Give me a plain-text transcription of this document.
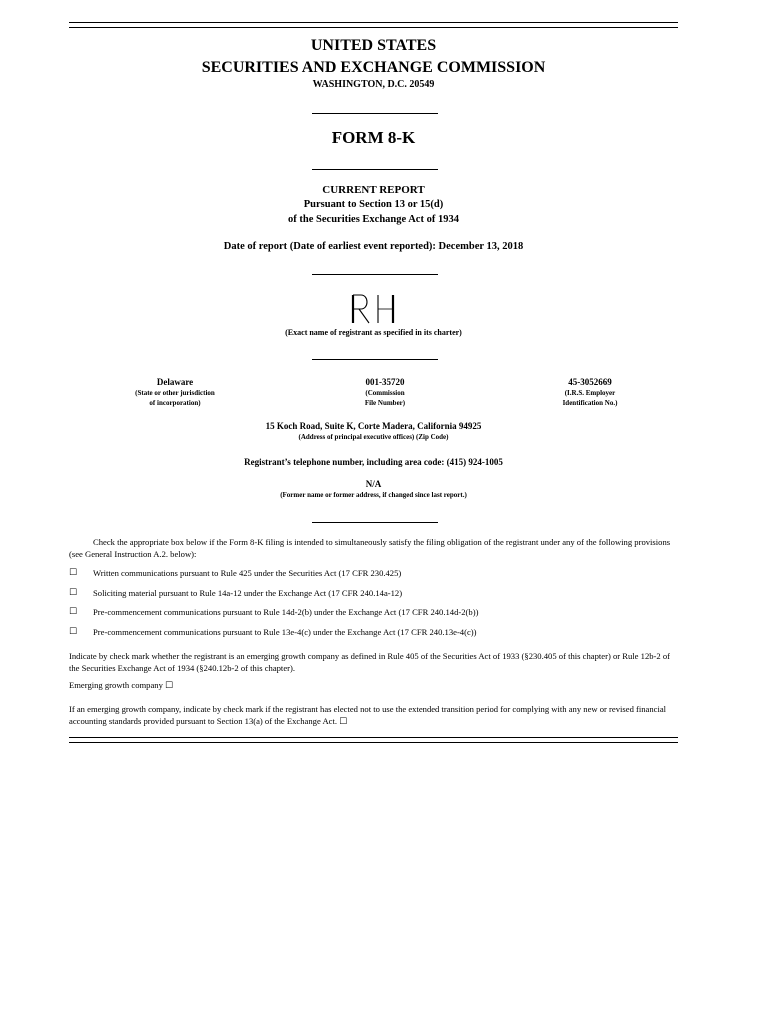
UNITED STATES
SECURITIES AND EXCHANGE COMMISSION
WASHINGTON, D.C. 20549
FORM 8-K
CURRENT REPORT
Pursuant to Section 13 or 15(d)
of the Securities Exchange Act of 1934
Date of report (Date of earliest event reported): December 13, 2018
(Exact name of registrant as specified in its charter)
Delaware
(State or other jurisdiction
of incorporation)
001-35720
(Commission
File Number)
45-3052669
(I.R.S. Employer
Identification No.)
15 Koch Road, Suite K, Corte Madera, California 94925
(Address of principal executive offices) (Zip Code)
Registrant’s telephone number, including area code: (415) 924-1005
N/A
(Former name or former address, if changed since last report.)
Check the appropriate box below if the Form 8-K filing is intended to simultaneously satisfy the filing obligation of the registrant under any of the following provisions (see General Instruction A.2. below):
☐ Written communications pursuant to Rule 425 under the Securities Act (17 CFR 230.425)
☐ Soliciting material pursuant to Rule 14a-12 under the Exchange Act (17 CFR 240.14a-12)
☐ Pre-commencement communications pursuant to Rule 14d-2(b) under the Exchange Act (17 CFR 240.14d-2(b))
☐ Pre-commencement communications pursuant to Rule 13e-4(c) under the Exchange Act (17 CFR 240.13e-4(c))
Indicate by check mark whether the registrant is an emerging growth company as defined in Rule 405 of the Securities Act of 1933 (§230.405 of this chapter) or Rule 12b-2 of the Securities Exchange Act of 1934 (§240.12b-2 of this chapter).
Emerging growth company ☐
If an emerging growth company, indicate by check mark if the registrant has elected not to use the extended transition period for complying with any new or revised financial accounting standards provided pursuant to Section 13(a) of the Exchange Act. ☐
